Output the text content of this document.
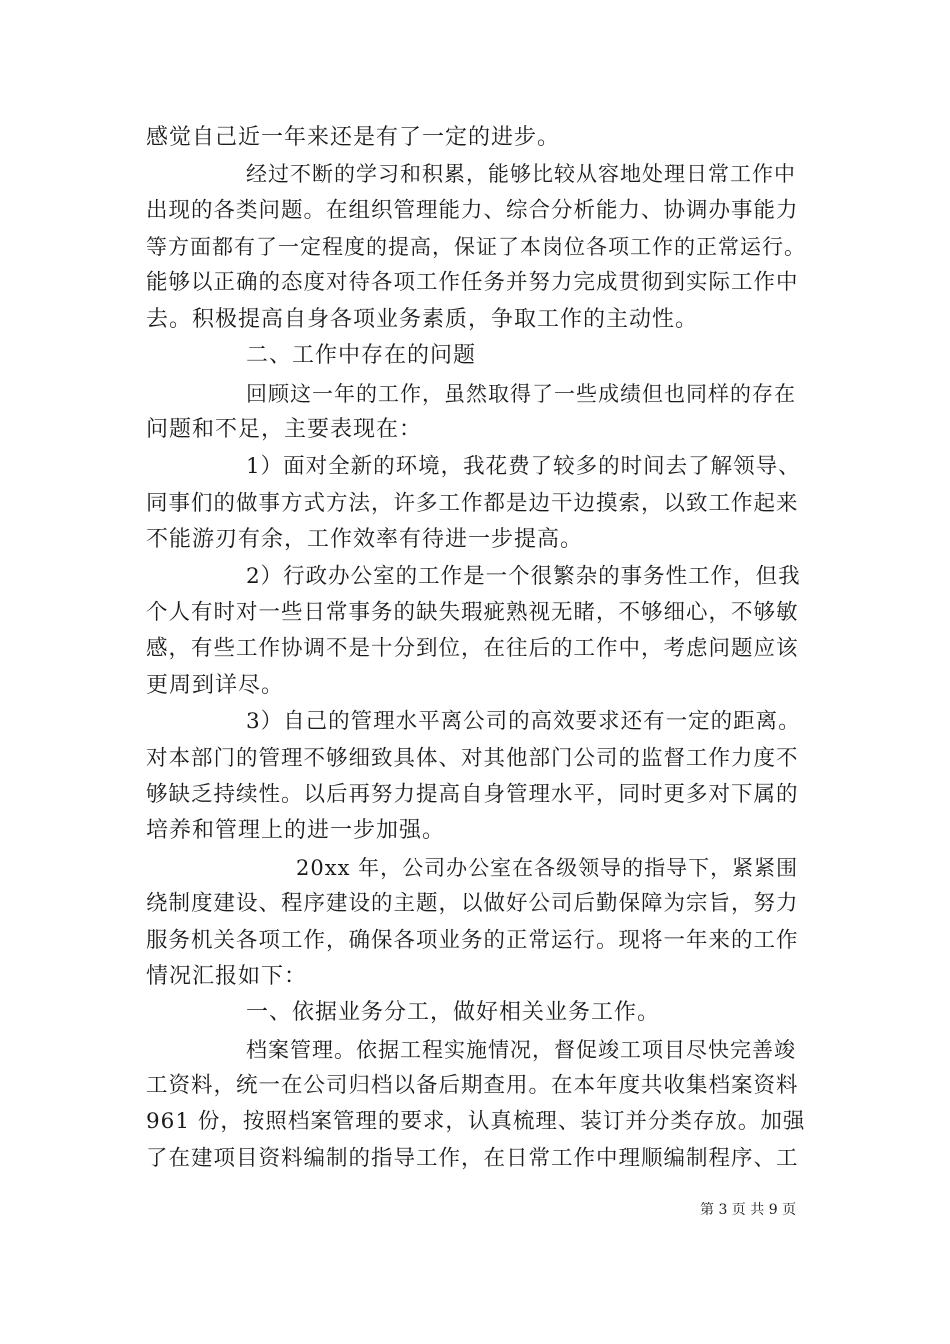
感觉自己近一年来还是有了一定的进步。
经过不断的学习和积累，能够比较从容地处理日常工作中
出现的各类问题。在组织管理能力、综合分析能力、协调办事能力
等方面都有了一定程度的提高，保证了本岗位各项工作的正常运行。
能够以正确的态度对待各项工作任务并努力完成贯彻到实际工作中
去。积极提高自身各项业务素质，争取工作的主动性。
二、工作中存在的问题
回顾这一年的工作，虽然取得了一些成绩但也同样的存在
问题和不足，主要表现在：
1）面对全新的环境，我花费了较多的时间去了解领导、
同事们的做事方式方法，许多工作都是边干边摸索，以致工作起来
不能游刃有余，工作效率有待进一步提高。
2）行政办公室的工作是一个很繁杂的事务性工作，但我
个人有时对一些日常事务的缺失瑕疵熟视无睹，不够细心，不够敏
感，有些工作协调不是十分到位，在往后的工作中，考虑问题应该
更周到详尽。
3）自己的管理水平离公司的高效要求还有一定的距离。
对本部门的管理不够细致具体、对其他部门公司的监督工作力度不
够缺乏持续性。以后再努力提高自身管理水平，同时更多对下属的
培养和管理上的进一步加强。
20xx 年，公司办公室在各级领导的指导下，紧紧围
绕制度建设、程序建设的主题，以做好公司后勤保障为宗旨，努力
服务机关各项工作，确保各项业务的正常运行。现将一年来的工作
情况汇报如下：
一、依据业务分工，做好相关业务工作。
档案管理。依据工程实施情况，督促竣工项目尽快完善竣
工资料，统一在公司归档以备后期查用。在本年度共收集档案资料
961 份，按照档案管理的要求，认真梳理、装订并分类存放。加强
了在建项目资料编制的指导工作，在日常工作中理顺编制程序、工
第 3 页 共 9 页
